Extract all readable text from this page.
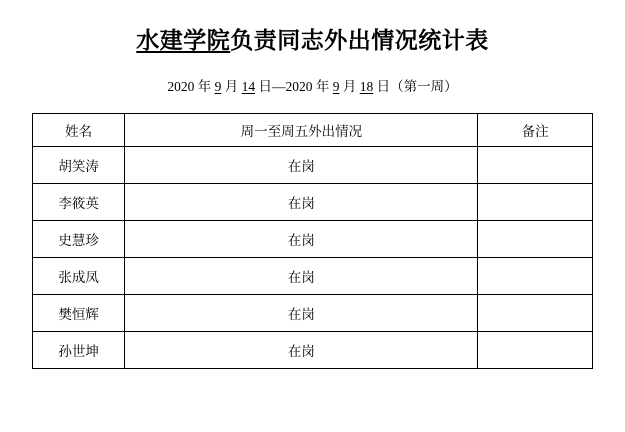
水建学院负责同志外出情况统计表
2020 年 9 月 14 日—2020 年 9 月 18 日（第一周）
姓名	周一至周五外出情况	备注
胡笑涛	在岗	
李筱英	在岗	
史慧珍	在岗	
张成凤	在岗	
樊恒辉	在岗	
孙世坤	在岗	
